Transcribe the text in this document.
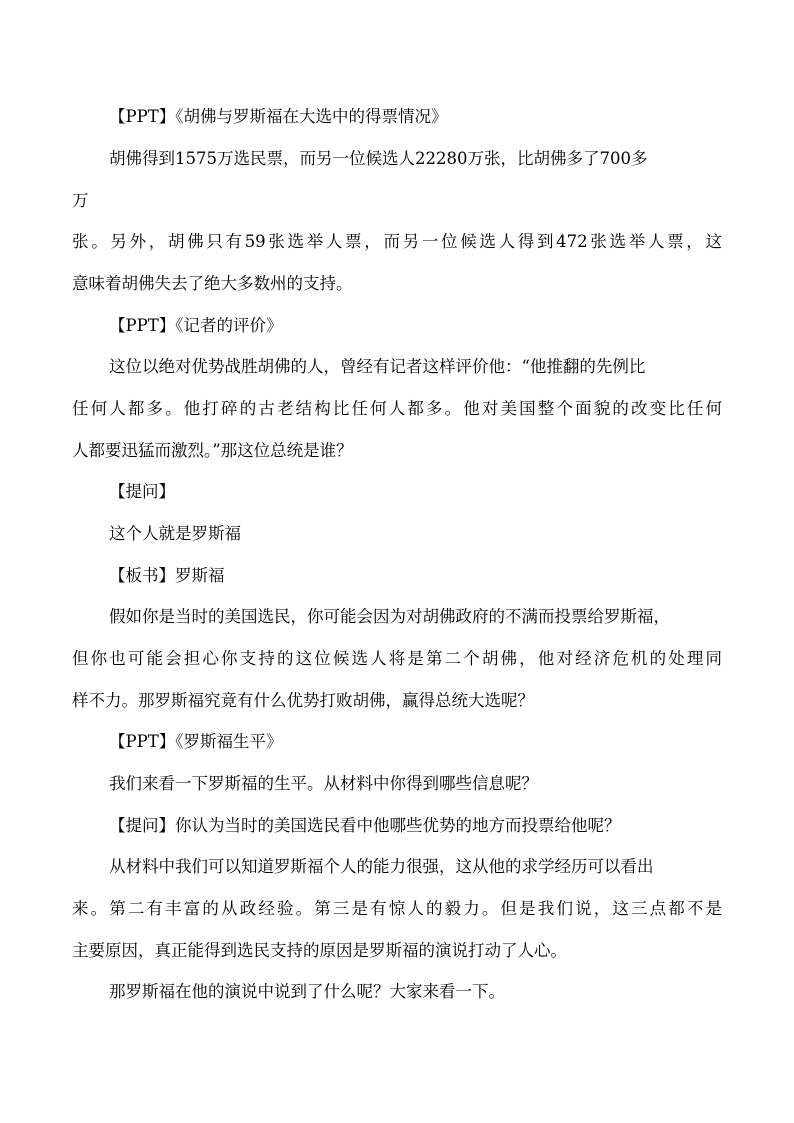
【PPT】《胡佛与罗斯福在大选中的得票情况》
胡佛得到1575万选民票，而另一位候选人22280万张，比胡佛多了700多
万
张。另外，胡佛只有59张选举人票，而另一位候选人得到472张选举人票，这
意味着胡佛失去了绝大多数州的支持。
【PPT】《记者的评价》
这位以绝对优势战胜胡佛的人，曾经有记者这样评价他：“他推翻的先例比
任何人都多。他打碎的古老结构比任何人都多。他对美国整个面貌的改变比任何
人都要迅猛而激烈。”那这位总统是谁？
【提问】
这个人就是罗斯福
【板书】罗斯福
假如你是当时的美国选民，你可能会因为对胡佛政府的不满而投票给罗斯福，
但你也可能会担心你支持的这位候选人将是第二个胡佛，他对经济危机的处理同
样不力。那罗斯福究竟有什么优势打败胡佛，赢得总统大选呢？
【PPT】《罗斯福生平》
我们来看一下罗斯福的生平。从材料中你得到哪些信息呢？
【提问】你认为当时的美国选民看中他哪些优势的地方而投票给他呢？
从材料中我们可以知道罗斯福个人的能力很强，这从他的求学经历可以看出
来。第二有丰富的从政经验。第三是有惊人的毅力。但是我们说，这三点都不是
主要原因，真正能得到选民支持的原因是罗斯福的演说打动了人心。
那罗斯福在他的演说中说到了什么呢？大家来看一下。
